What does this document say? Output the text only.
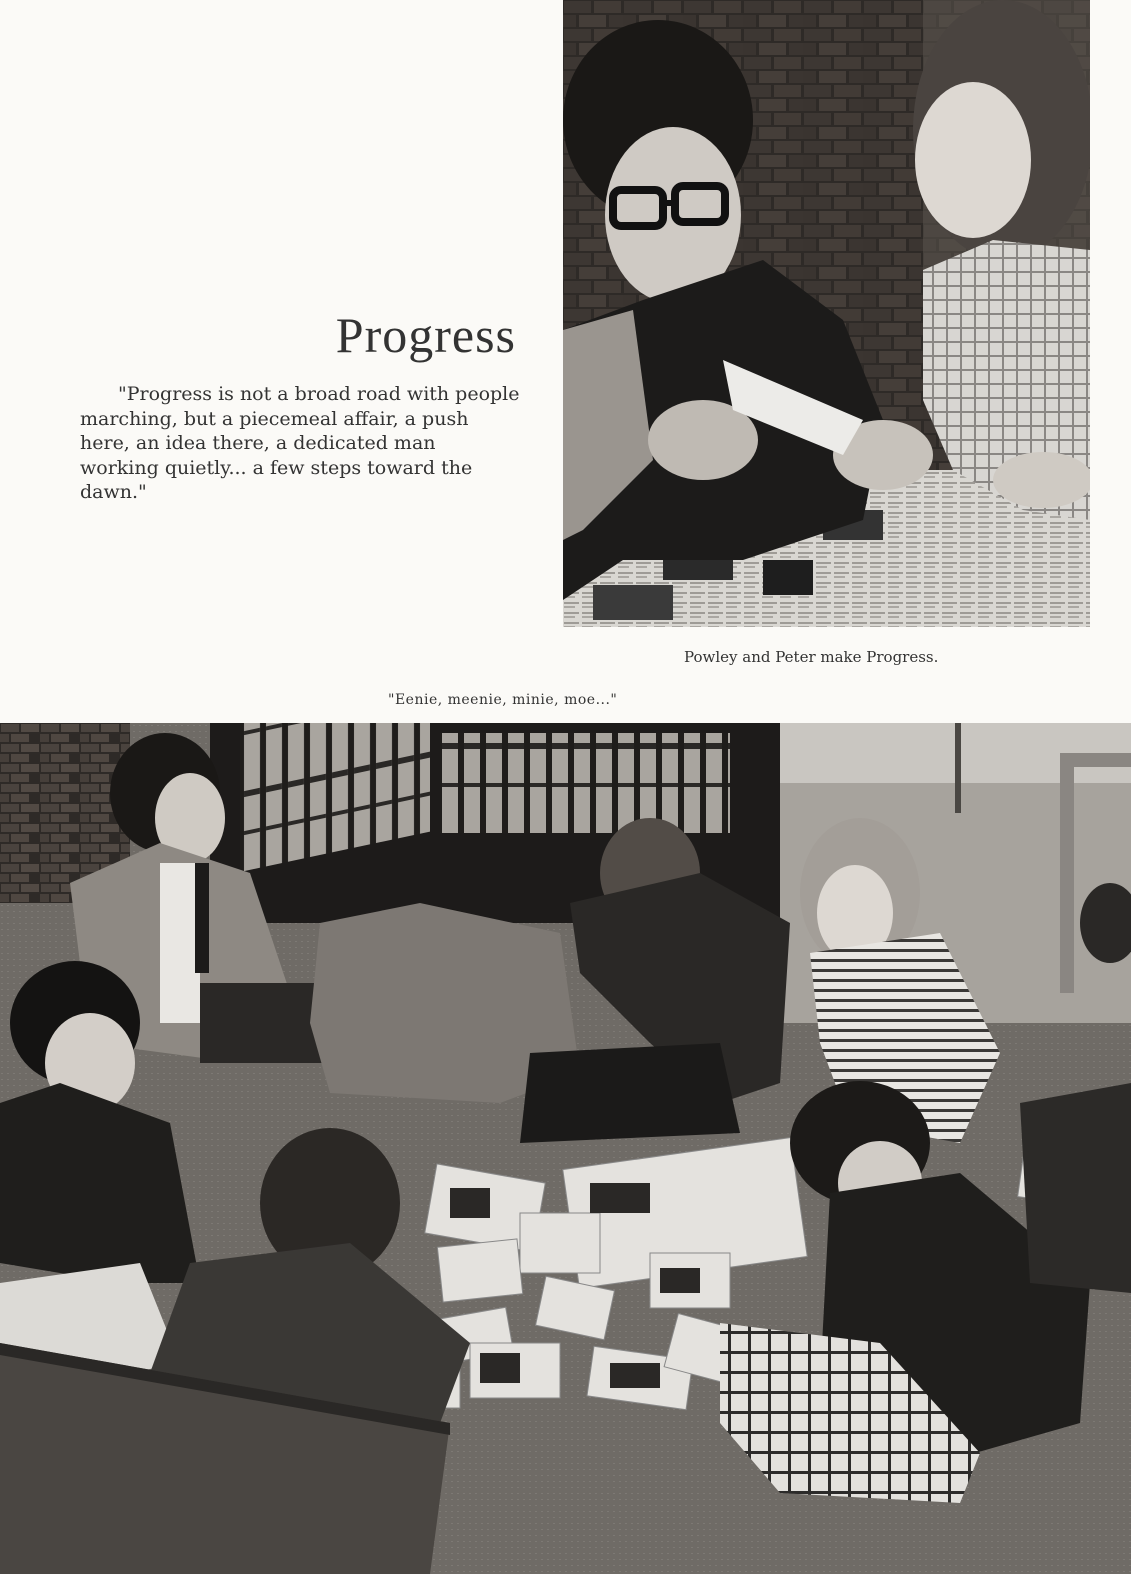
Progress

"Progress is not a broad road with people marching, but a piecemeal affair, a push here, an idea there, a dedicated man working quietly... a few steps toward the dawn."

Powley and Peter make Progress.

"Eenie, meenie, minie, moe..."
